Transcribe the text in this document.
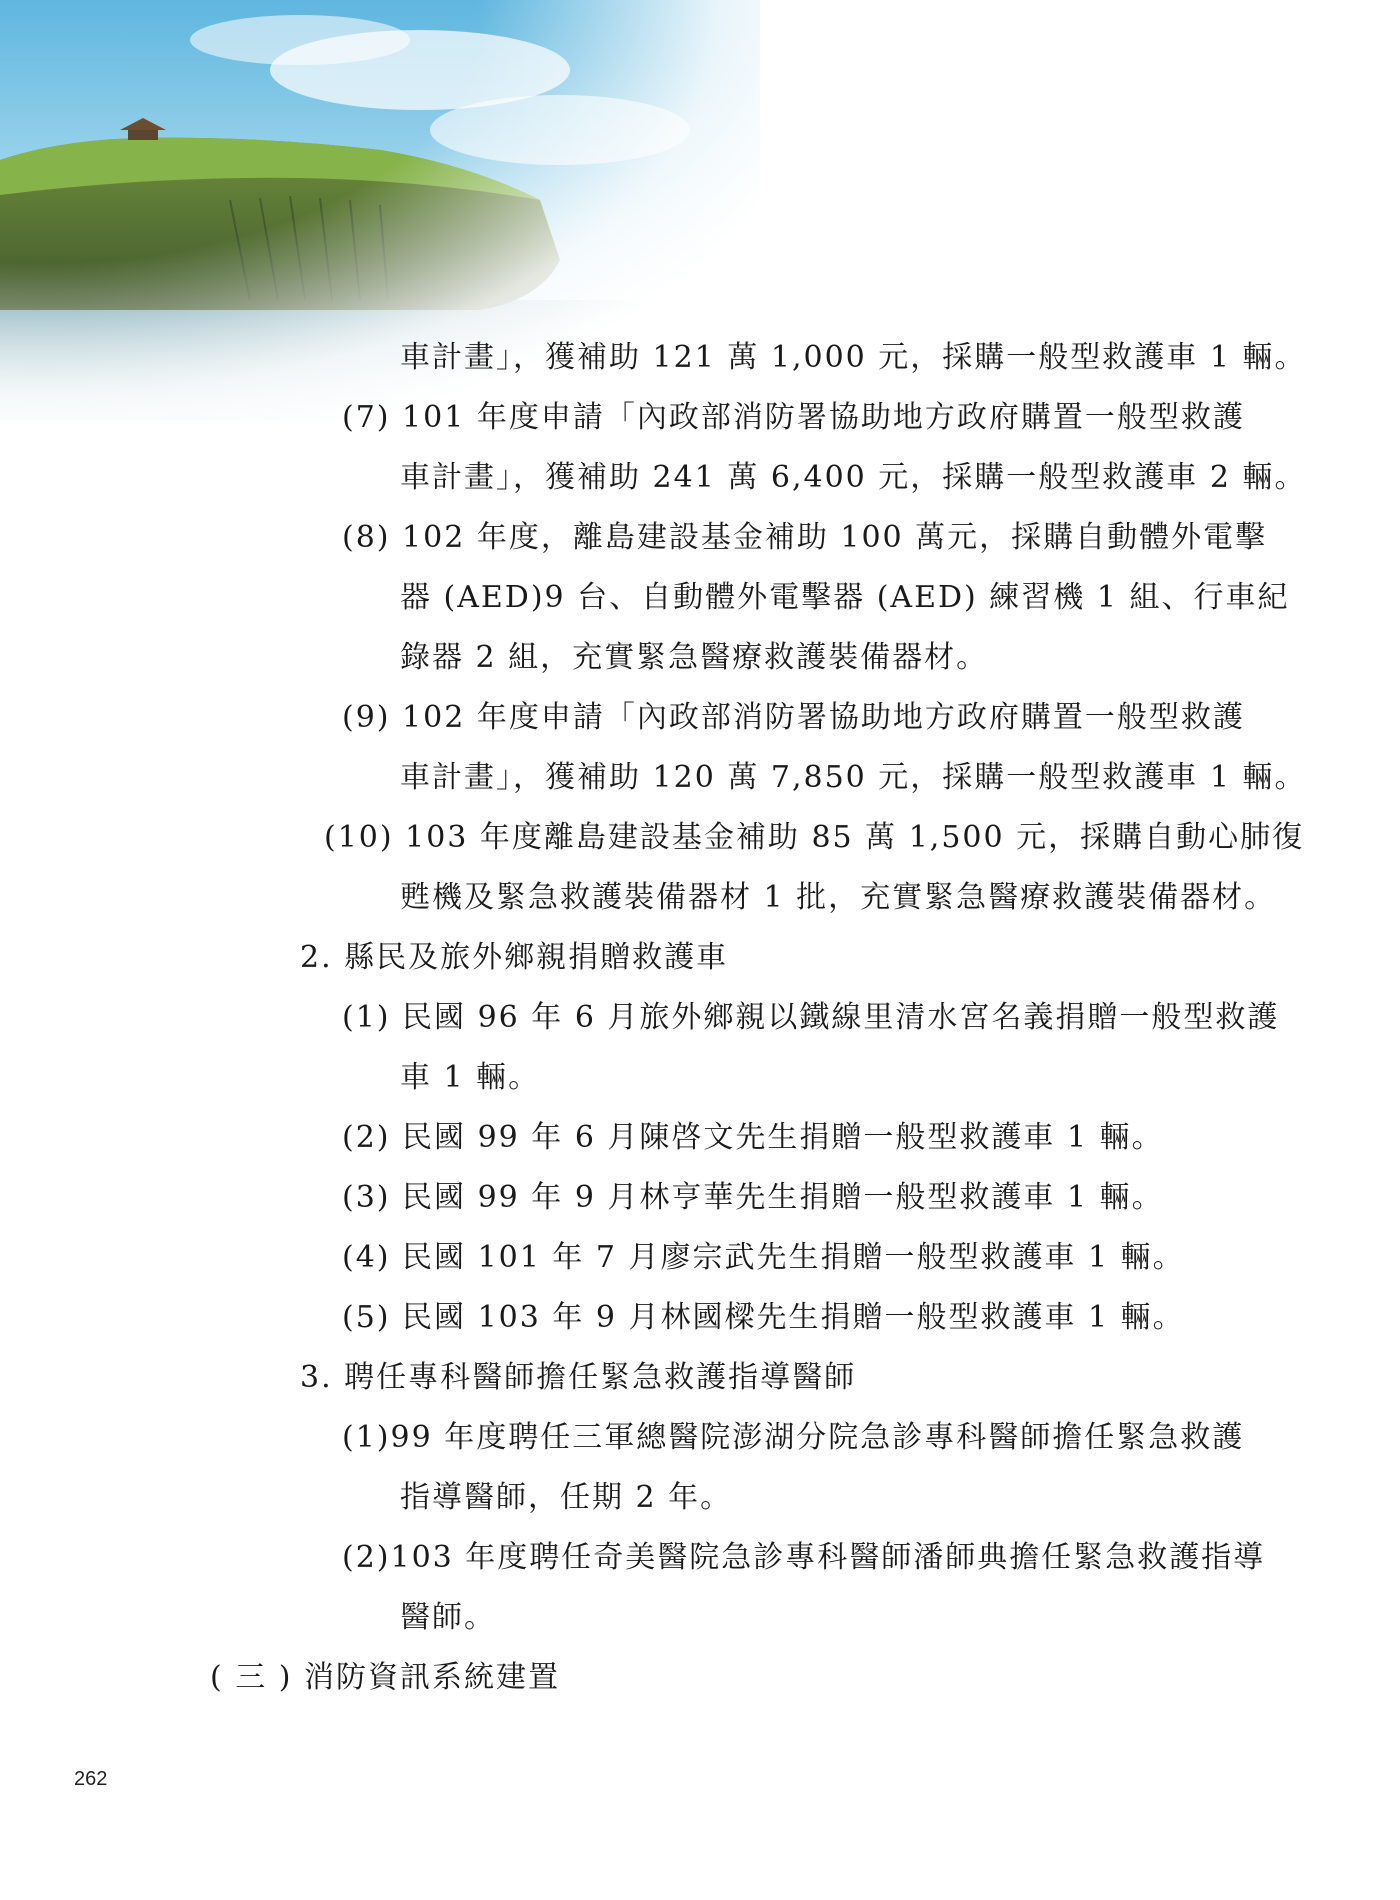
車計畫」，獲補助 121 萬 1,000 元，採購一般型救護車 1 輛。
(7) 101 年度申請「內政部消防署協助地方政府購置一般型救護
車計畫」，獲補助 241 萬 6,400 元，採購一般型救護車 2 輛。
(8) 102 年度，離島建設基金補助 100 萬元，採購自動體外電擊
器 (AED)9 台、自動體外電擊器 (AED) 練習機 1 組、行車紀
錄器 2 組，充實緊急醫療救護裝備器材。
(9) 102 年度申請「內政部消防署協助地方政府購置一般型救護
車計畫」，獲補助 120 萬 7,850 元，採購一般型救護車 1 輛。
(10) 103 年度離島建設基金補助 85 萬 1,500 元，採購自動心肺復
甦機及緊急救護裝備器材 1 批，充實緊急醫療救護裝備器材。
2. 縣民及旅外鄉親捐贈救護車
(1) 民國 96 年 6 月旅外鄉親以鐵線里清水宮名義捐贈一般型救護
車 1 輛。
(2) 民國 99 年 6 月陳啓文先生捐贈一般型救護車 1 輛。
(3) 民國 99 年 9 月林亨華先生捐贈一般型救護車 1 輛。
(4) 民國 101 年 7 月廖宗武先生捐贈一般型救護車 1 輛。
(5) 民國 103 年 9 月林國樑先生捐贈一般型救護車 1 輛。
3. 聘任專科醫師擔任緊急救護指導醫師
(1)99 年度聘任三軍總醫院澎湖分院急診專科醫師擔任緊急救護
指導醫師，任期 2 年。
(2)103 年度聘任奇美醫院急診專科醫師潘師典擔任緊急救護指導
醫師。
( 三 ) 消防資訊系統建置
262
